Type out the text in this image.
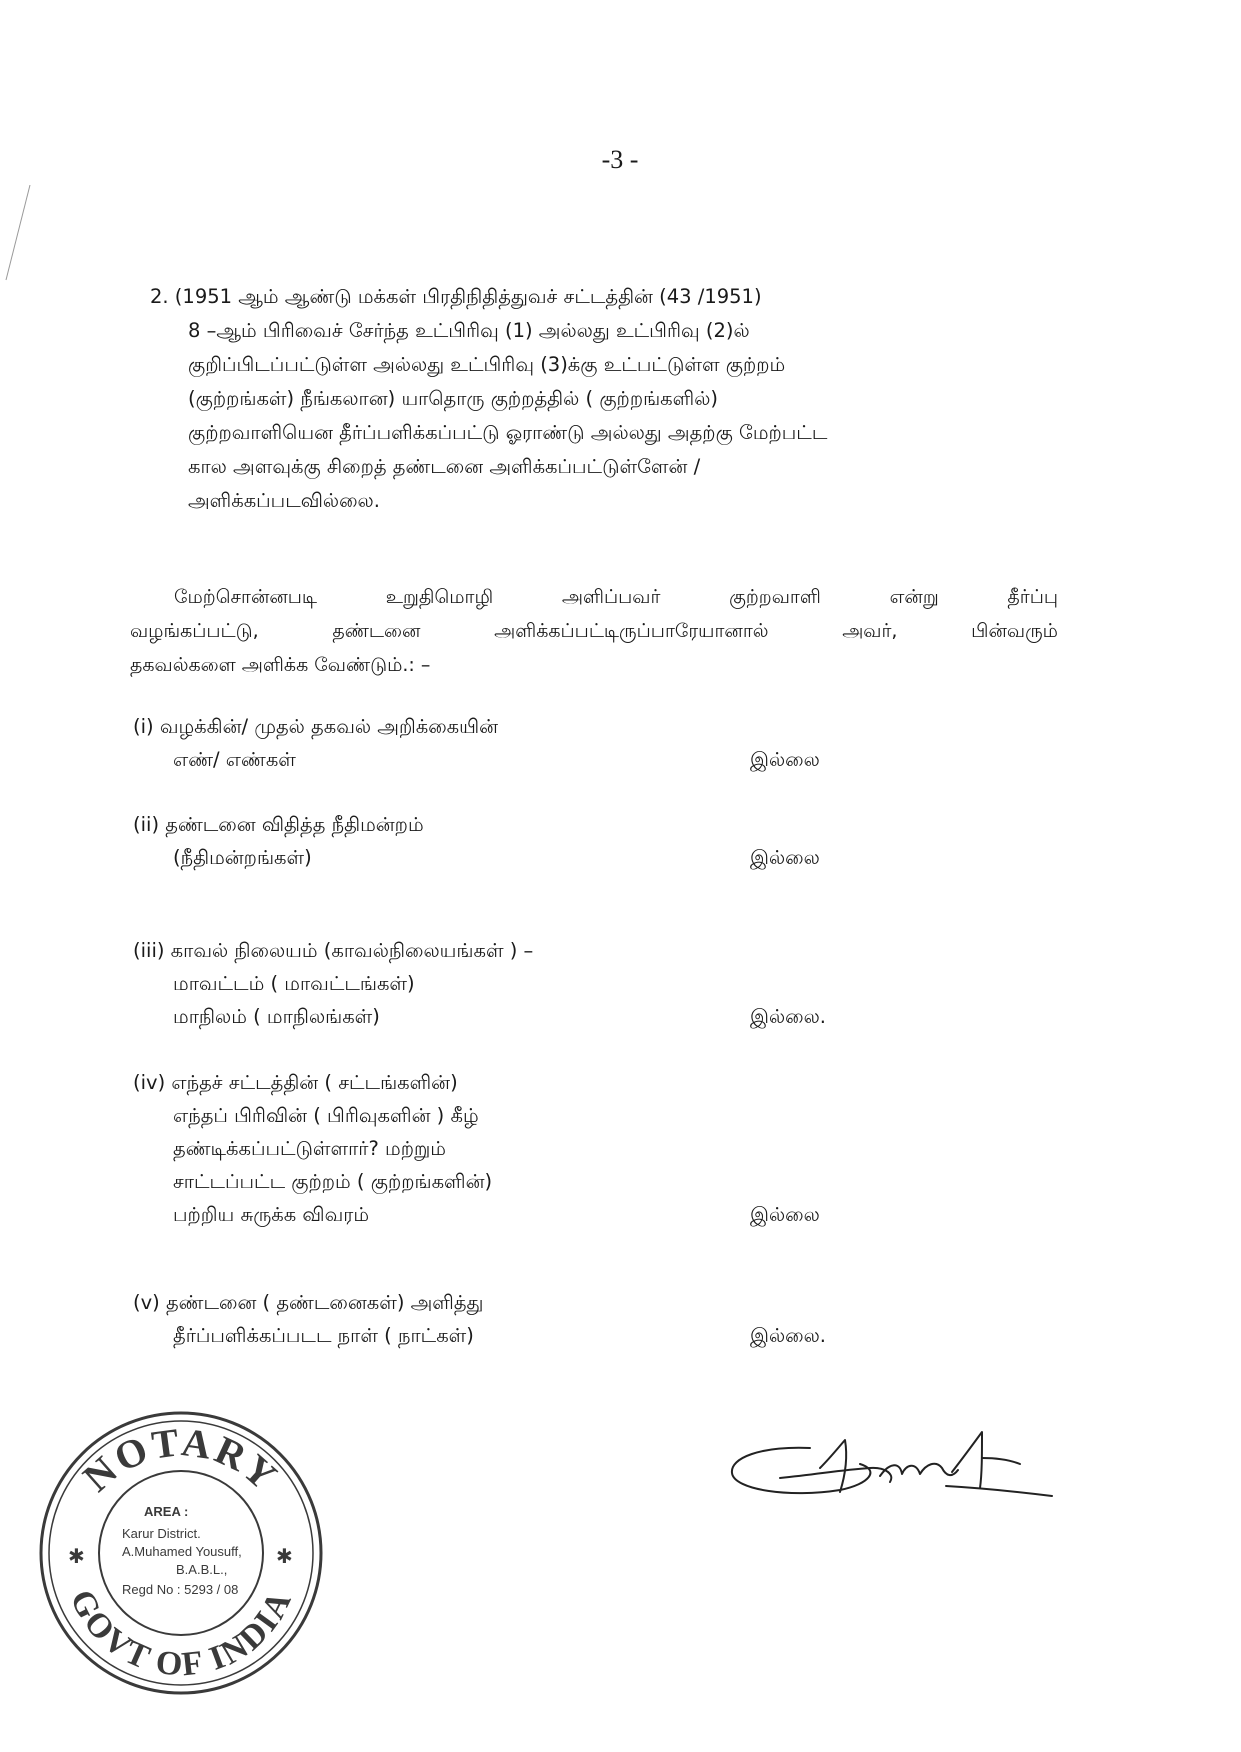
-3 -
2. (1951 ஆம் ஆண்டு மக்கள் பிரதிநிதித்துவச் சட்டத்தின் (43 /1951)
8 –ஆம் பிரிவைச் சேர்ந்த உட்பிரிவு (1) அல்லது உட்பிரிவு (2)ல்
குறிப்பிடப்பட்டுள்ள அல்லது உட்பிரிவு (3)க்கு உட்பட்டுள்ள குற்றம்
(குற்றங்கள்) நீங்கலான) யாதொரு குற்றத்தில் ( குற்றங்களில்)
குற்றவாளியென தீர்ப்பளிக்கப்பட்டு ஓராண்டு அல்லது அதற்கு மேற்பட்ட
கால அளவுக்கு சிறைத் தண்டனை அளிக்கப்பட்டுள்ளேன் /
அளிக்கப்படவில்லை.
மேற்சொன்னபடி	உறுதிமொழி	அளிப்பவர்	குற்றவாளி	என்று	தீர்ப்பு
வழங்கப்பட்டு,	தண்டனை	அளிக்கப்பட்டிருப்பாரேயானால்	அவர்,	பின்வரும்
தகவல்களை அளிக்க வேண்டும்.: –
(i) வழக்கின்/ முதல் தகவல் அறிக்கையின்
எண்/ எண்கள்	இல்லை
(ii) தண்டனை விதித்த நீதிமன்றம்
(நீதிமன்றங்கள்)	இல்லை
(iii) காவல் நிலையம் (காவல்நிலையங்கள் ) –
மாவட்டம் ( மாவட்டங்கள்)
மாநிலம் ( மாநிலங்கள்)	இல்லை.
(iv) எந்தச் சட்டத்தின் ( சட்டங்களின்)
எந்தப் பிரிவின் ( பிரிவுகளின் ) கீழ்
தண்டிக்கப்பட்டுள்ளார்? மற்றும்
சாட்டப்பட்ட குற்றம் ( குற்றங்களின்)
பற்றிய சுருக்க விவரம்	இல்லை
(v) தண்டனை ( தண்டனைகள்) அளித்து
தீர்ப்பளிக்கப்படட நாள் ( நாட்கள்)	இல்லை.
NOTARY
GOVT OF INDIA
✱	✱
AREA :
Karur District.
A.Muhamed Yousuff,
B.A.B.L.,
Regd No : 5293 / 08
